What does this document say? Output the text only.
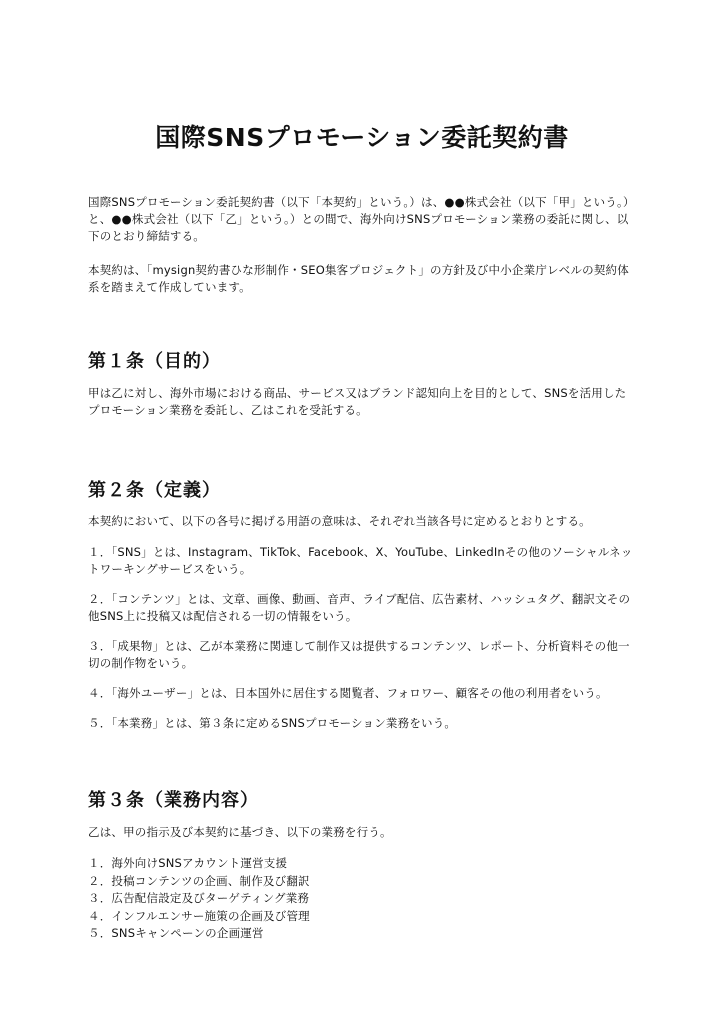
国際SNSプロモーション委託契約書

国際SNSプロモーション委託契約書（以下「本契約」という。）は、●●株式会社（以下「甲」という。）と、●●株式会社（以下「乙」という。）との間で、海外向けSNSプロモーション業務の委託に関し、以下のとおり締結する。

本契約は、「mysign契約書ひな形制作・SEO集客プロジェクト」の方針及び中小企業庁レベルの契約体系を踏まえて作成しています。

第１条（目的）

甲は乙に対し、海外市場における商品、サービス又はブランド認知向上を目的として、SNSを活用したプロモーション業務を委託し、乙はこれを受託する。

第２条（定義）

本契約において、以下の各号に掲げる用語の意味は、それぞれ当該各号に定めるとおりとする。

１．「SNS」とは、Instagram、TikTok、Facebook、X、YouTube、LinkedInその他のソーシャルネットワーキングサービスをいう。

２．「コンテンツ」とは、文章、画像、動画、音声、ライブ配信、広告素材、ハッシュタグ、翻訳文その他SNS上に投稿又は配信される一切の情報をいう。

３．「成果物」とは、乙が本業務に関連して制作又は提供するコンテンツ、レポート、分析資料その他一切の制作物をいう。

４．「海外ユーザー」とは、日本国外に居住する閲覧者、フォロワー、顧客その他の利用者をいう。

５．「本業務」とは、第３条に定めるSNSプロモーション業務をいう。

第３条（業務内容）

乙は、甲の指示及び本契約に基づき、以下の業務を行う。

１．海外向けSNSアカウント運営支援

２．投稿コンテンツの企画、制作及び翻訳

３．広告配信設定及びターゲティング業務

４．インフルエンサー施策の企画及び管理

５．SNSキャンペーンの企画運営
